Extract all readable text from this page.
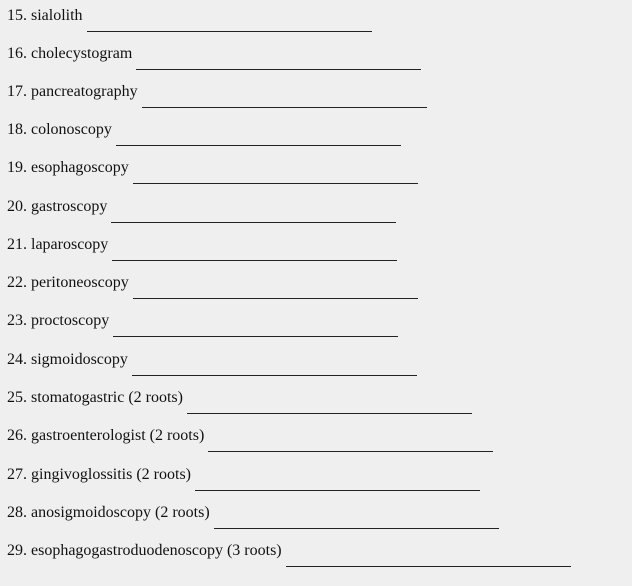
15. sialolith
16. cholecystogram
17. pancreatography
18. colonoscopy
19. esophagoscopy
20. gastroscopy
21. laparoscopy
22. peritoneoscopy
23. proctoscopy
24. sigmoidoscopy
25. stomatogastric (2 roots)
26. gastroenterologist (2 roots)
27. gingivoglossitis (2 roots)
28. anosigmoidoscopy (2 roots)
29. esophagogastroduodenoscopy (3 roots)
